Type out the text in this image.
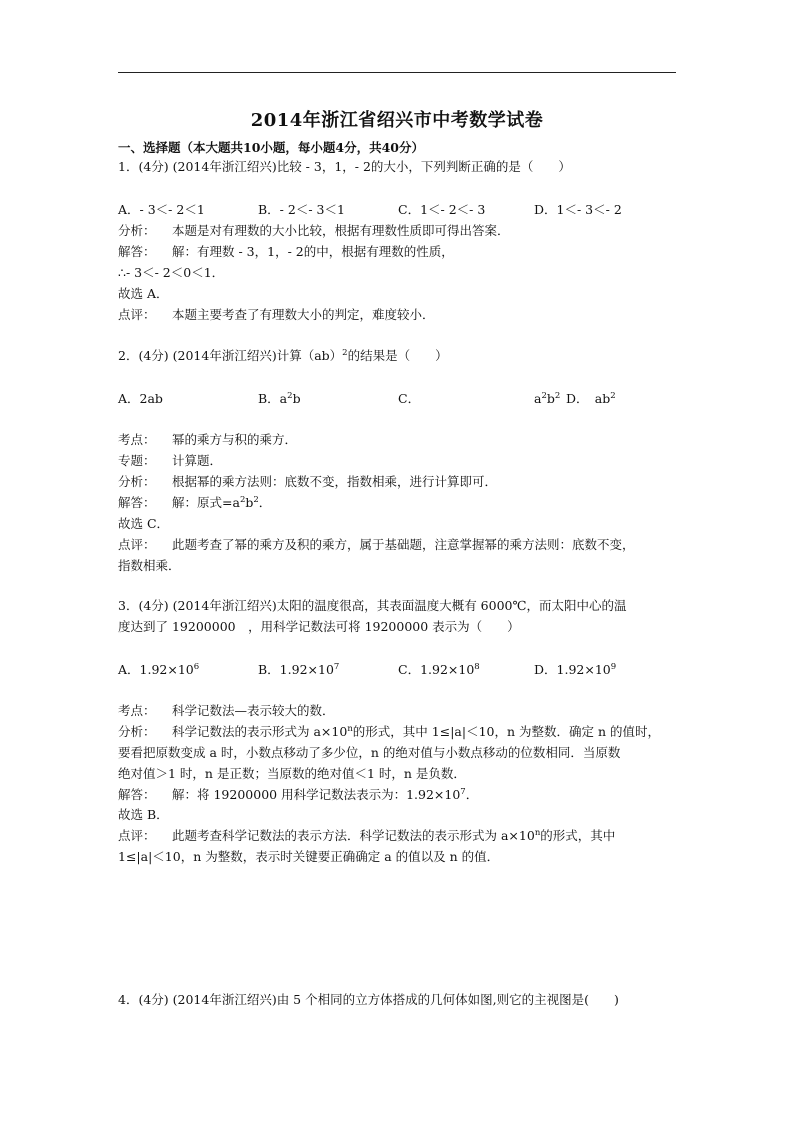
2014年浙江省绍兴市中考数学试卷
一、选择题（本大题共10小题，每小题4分，共40分）
1．(4分) (2014年浙江绍兴)比较 - 3，1，- 2的大小，下列判断正确的是（　　）
A．- 3＜- 2＜1	B．- 2＜- 3＜1	C．1＜- 2＜- 3	D．1＜- 3＜- 2
分析： 本题是对有理数的大小比较，根据有理数性质即可得出答案．
解答： 解：有理数 - 3，1，- 2的中，根据有理数的性质，
∴- 3＜- 2＜0＜1．
故选 A．
点评： 本题主要考查了有理数大小的判定，难度较小．
2．(4分) (2014年浙江绍兴)计算（ab）$^2$的结果是（　　）
A．2ab	B．$a^2b$	C．	$a^2b^2$ D．　$ab^2$
考点： 幂的乘方与积的乘方．
专题： 计算题．
分析： 根据幂的乘方法则：底数不变，指数相乘，进行计算即可．
解答： 解：原式$=a^2b^2$．
故选 C．
点评： 此题考查了幂的乘方及积的乘方，属于基础题，注意掌握幂的乘方法则：底数不变，
指数相乘．
3．(4分) (2014年浙江绍兴)太阳的温度很高，其表面温度大概有 6000℃，而太阳中心的温
度达到了 19200000　，用科学记数法可将 19200000 表示为（　　）
A．$1.92\times 10^6$	B．$1.92\times 10^7$	C．$1.92\times 10^8$	D．$1.92\times 10^9$
考点： 科学记数法—表示较大的数．
分析： 科学记数法的表示形式为 $a\times 10^n$的形式，其中 1≤|a|＜10，n 为整数．确定 n 的值时，
要看把原数变成 a 时，小数点移动了多少位，n 的绝对值与小数点移动的位数相同．当原数
绝对值＞1 时，n 是正数；当原数的绝对值＜1 时，n 是负数．
解答： 解：将 19200000 用科学记数法表示为：$1.92\times 10^7$．
故选 B．
点评： 此题考查科学记数法的表示方法．科学记数法的表示形式为 $a\times 10^n$的形式，其中
1≤|a|＜10，n 为整数，表示时关键要正确确定 a 的值以及 n 的值．
4．(4分) (2014年浙江绍兴)由 5 个相同的立方体搭成的几何体如图,则它的主视图是(　　)
